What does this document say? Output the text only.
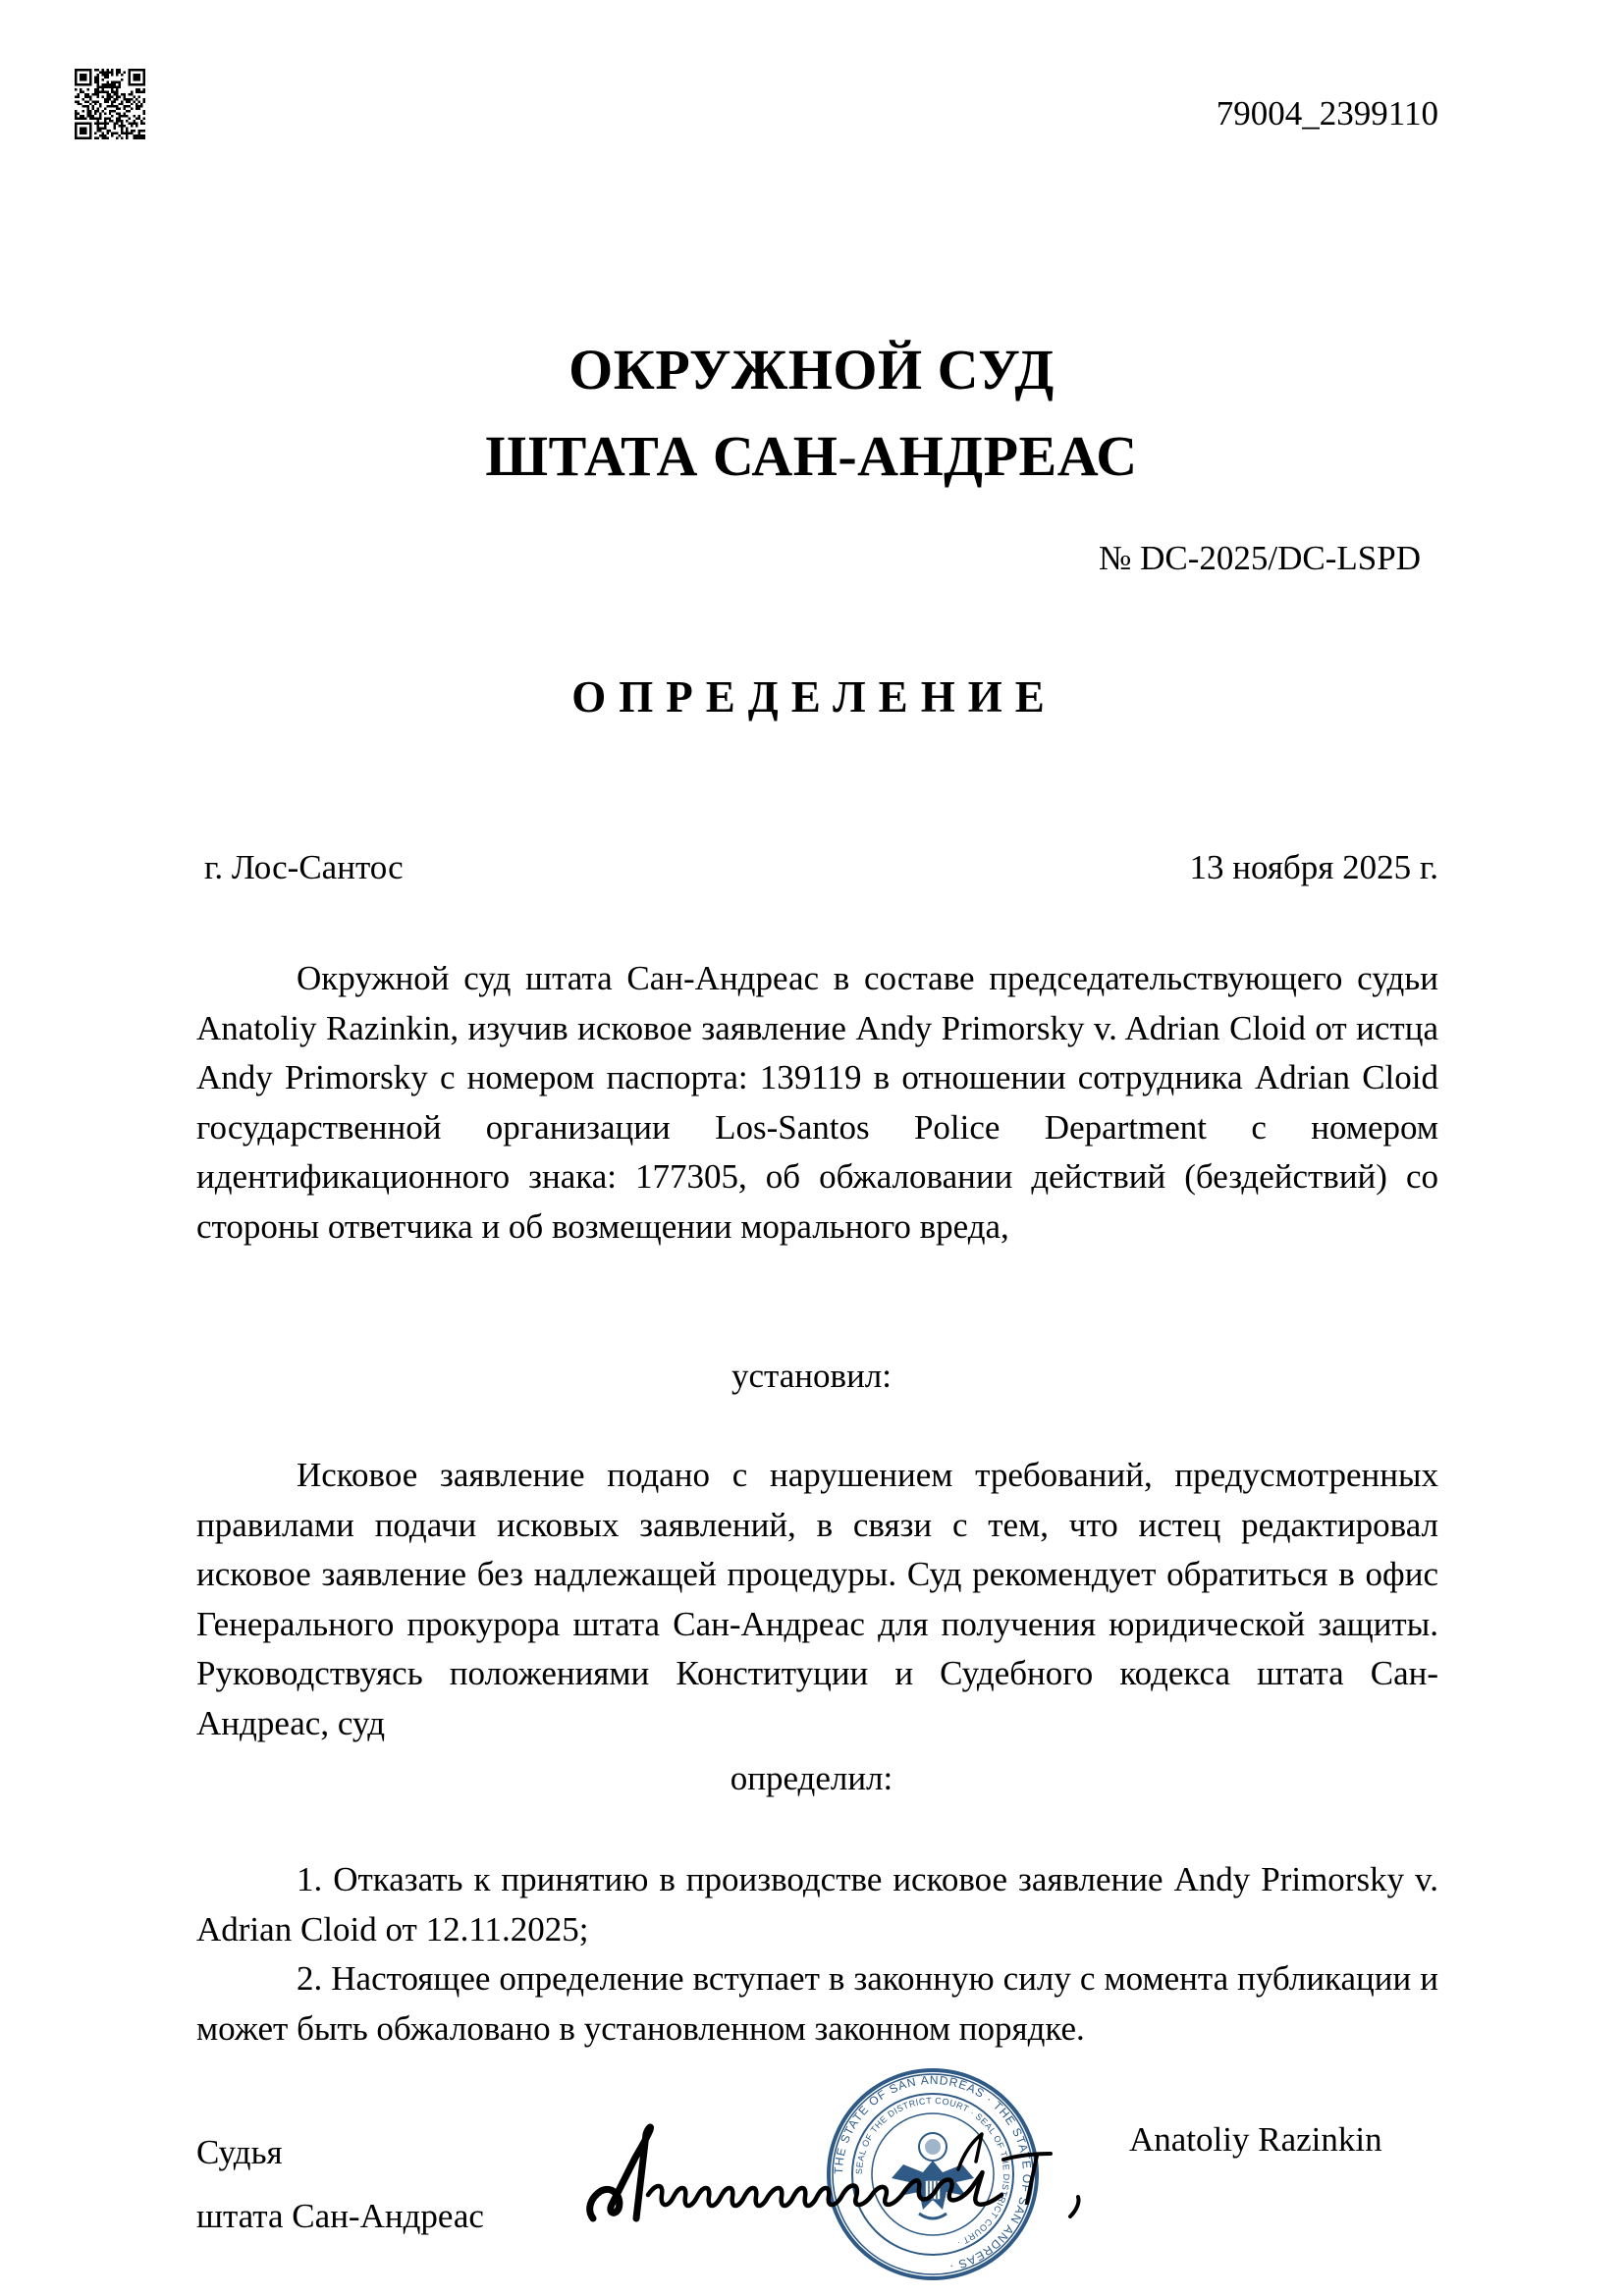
79004_2399110
ОКРУЖНОЙ СУД
ШТАТА САН-АНДРЕАС
№ DC-2025/DC-LSPD
ОПРЕДЕЛЕНИЕ
г. Лос-Сантос	13 ноября 2025 г.

Окружной суд штата Сан-Андреас в составе председательствующего судьи Anatoliy Razinkin, изучив исковое заявление Andy Primorsky v. Adrian Cloid от истца Andy Primorsky с номером паспорта: 139119 в отношении сотрудника Adrian Cloid государственной организации Los-Santos Police Department с номером идентификационного знака: 177305, об обжаловании действий (бездействий) со стороны ответчика и об возмещении морального вреда,

установил:

Исковое заявление подано с нарушением требований, предусмотренных правилами подачи исковых заявлений, в связи с тем, что истец редактировал исковое заявление без надлежащей процедуры. Суд рекомендует обратиться в офис Генерального прокурора штата Сан-Андреас для получения юридической защиты. Руководствуясь положениями Конституции и Судебного кодекса штата Сан-Андреас, суд

определил:
1. Отказать к принятию в производстве исковое заявление Andy Primorsky v. Adrian Cloid от 12.11.2025;
2. Настоящее определение вступает в законную силу с момента публикации и может быть обжаловано в установленном законном порядке.
Судья
штата Сан-Андреас
THE STATE OF SAN ANDREAS · THE STATE OF SAN ANDREAS ·
SEAL OF THE DISTRICT COURT · SEAL OF THE DISTRICT COURT ·
Anatoliy Razinkin
